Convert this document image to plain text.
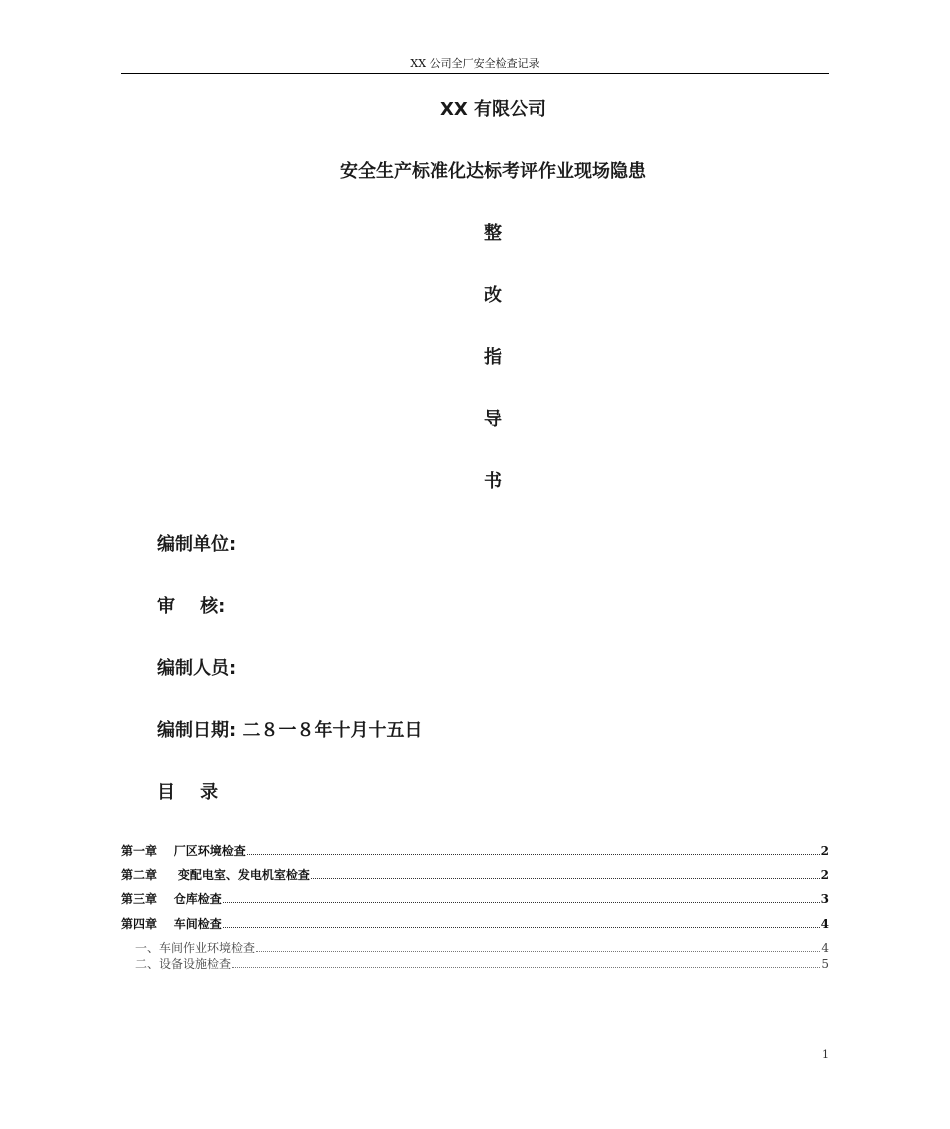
XX 公司全厂安全检查记录
XX 有限公司
安全生产标准化达标考评作业现场隐患
整
改
指
导
书
编制单位:
审    核:
编制人员:
编制日期: 二８一８年十月十五日
目    录
第一章    厂区环境检查	2
第二章     变配电室、发电机室检查	2
第三章    仓库检查	3
第四章    车间检查	4
一、车间作业环境检查	4
二、设备设施检查	5
1
